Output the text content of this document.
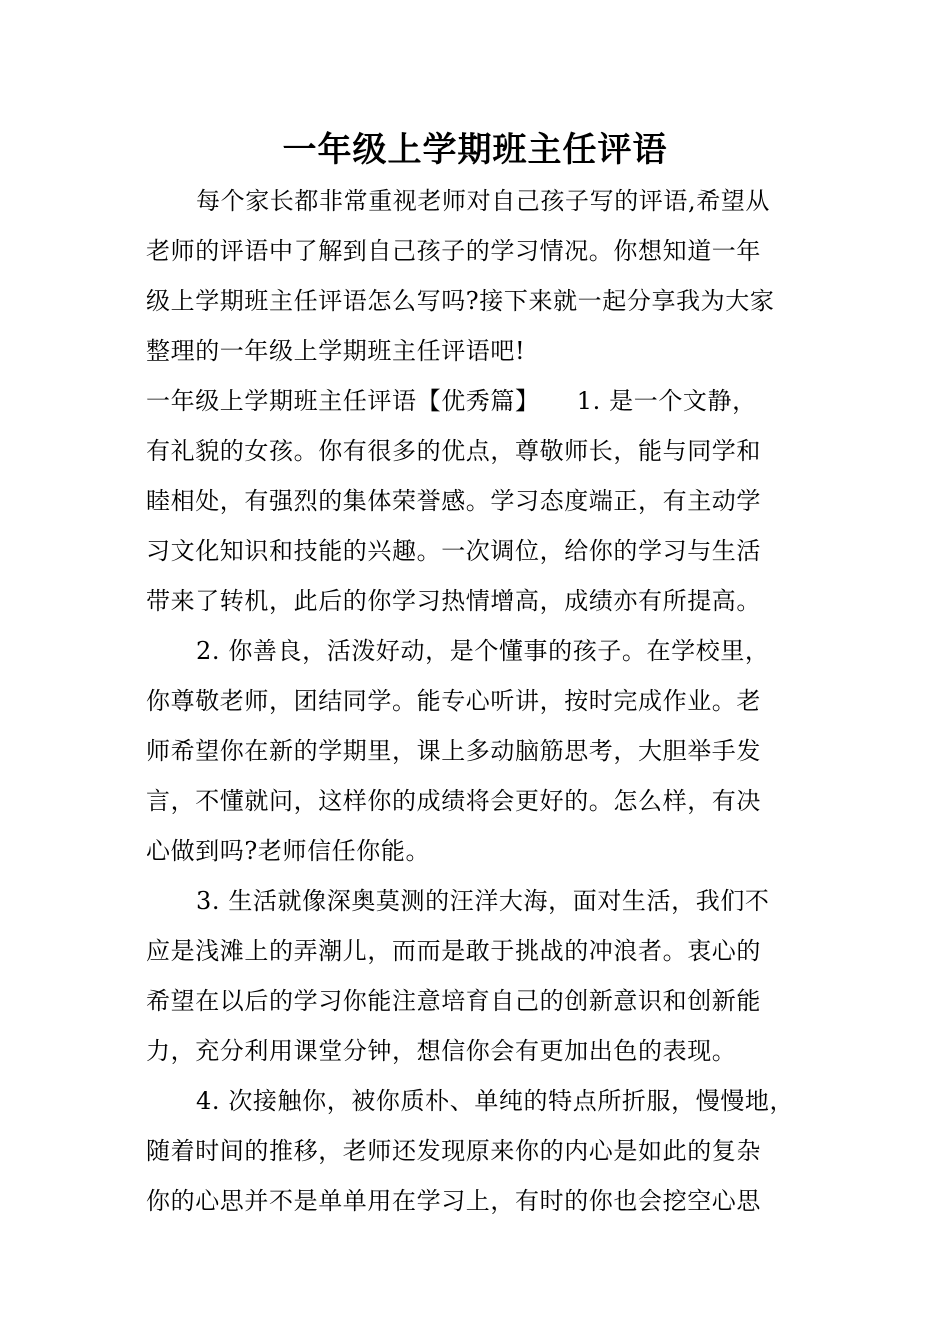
一年级上学期班主任评语

每个家长都非常重视老师对自己孩子写的评语,希望从
老师的评语中了解到自己孩子的学习情况。你想知道一年
级上学期班主任评语怎么写吗?接下来就一起分享我为大家
整理的一年级上学期班主任评语吧!

一年级上学期班主任评语【优秀篇】　　1. 是一个文静，
有礼貌的女孩。你有很多的优点，尊敬师长，能与同学和
睦相处，有强烈的集体荣誉感。学习态度端正，有主动学
习文化知识和技能的兴趣。一次调位，给你的学习与生活
带来了转机，此后的你学习热情增高，成绩亦有所提高。

2. 你善良，活泼好动，是个懂事的孩子。在学校里，
你尊敬老师，团结同学。能专心听讲，按时完成作业。老
师希望你在新的学期里，课上多动脑筋思考，大胆举手发
言，不懂就问，这样你的成绩将会更好的。怎么样，有决
心做到吗?老师信任你能。

3. 生活就像深奥莫测的汪洋大海，面对生活，我们不
应是浅滩上的弄潮儿，而而是敢于挑战的冲浪者。衷心的
希望在以后的学习你能注意培育自己的创新意识和创新能
力，充分利用课堂分钟，想信你会有更加出色的表现。

4. 次接触你，被你质朴、单纯的特点所折服，慢慢地，
随着时间的推移，老师还发现原来你的内心是如此的复杂
你的心思并不是单单用在学习上，有时的你也会挖空心思
